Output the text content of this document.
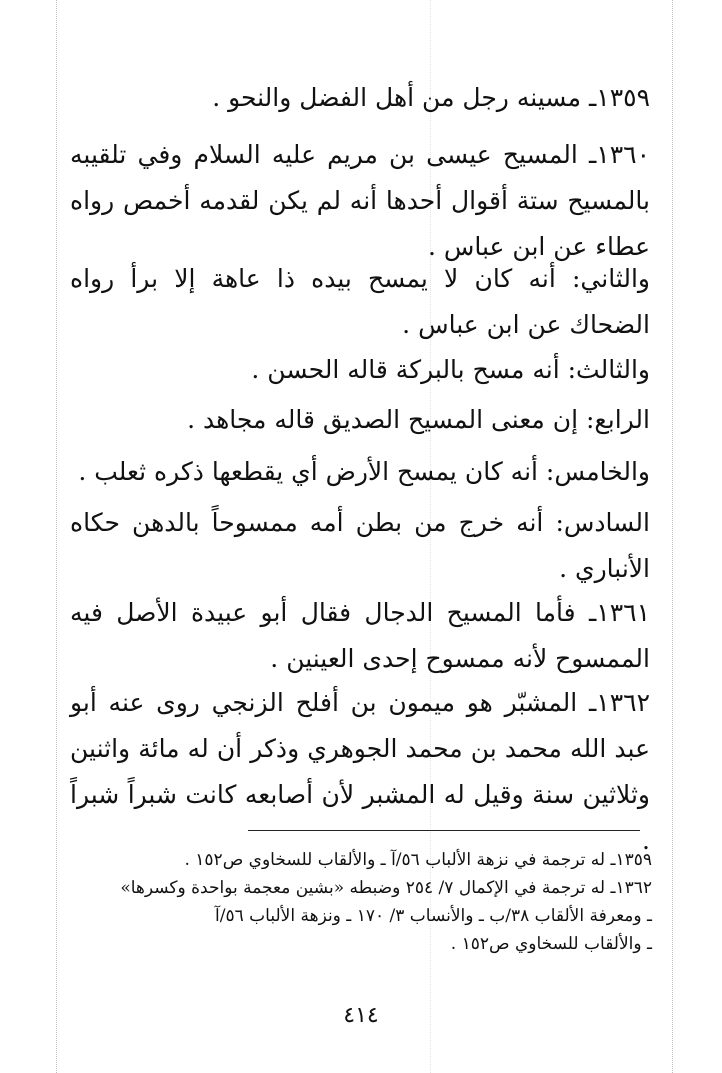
١٣٥٩ـ مسينه رجل من أهل الفضل والنحو .

١٣٦٠ـ المسيح عيسى بن مريم عليه السلام وفي تلقيبه بالمسيح ستة أقوال أحدها أنه لم يكن لقدمه أخمص رواه عطاء عن ابن عباس .

والثاني: أنه كان لا يمسح بيده ذا عاهة إلا برأ رواه الضحاك عن ابن عباس .

والثالث: أنه مسح بالبركة قاله الحسن .

الرابع: إن معنى المسيح الصديق قاله مجاهد .

والخامس: أنه كان يمسح الأرض أي يقطعها ذكره ثعلب .

السادس: أنه خرج من بطن أمه ممسوحاً بالدهن حكاه الأنباري .

١٣٦١ـ فأما المسيح الدجال فقال أبو عبيدة الأصل فيه الممسوح لأنه ممسوح إحدى العينين .

١٣٦٢ـ المشبّر هو ميمون بن أفلح الزنجي روى عنه أبو عبد الله محمد بن محمد الجوهري وذكر أن له مائة واثنين وثلاثين سنة وقيل له المشبر لأن أصابعه كانت شبراً شبراً .

١٣٥٩ـ له ترجمة في نزهة الألباب ٥٦/آ ـ والألقاب للسخاوي ص١٥٢ .

١٣٦٢ـ له ترجمة في الإكمال ٧/ ٢٥٤ وضبطه «بشين معجمة بواحدة وكسرها»

ـ ومعرفة الألقاب ٣٨/ب ـ والأنساب ٣/ ١٧٠ ـ ونزهة الألباب ٥٦/آ

ـ والألقاب للسخاوي ص١٥٢ .

٤١٤
